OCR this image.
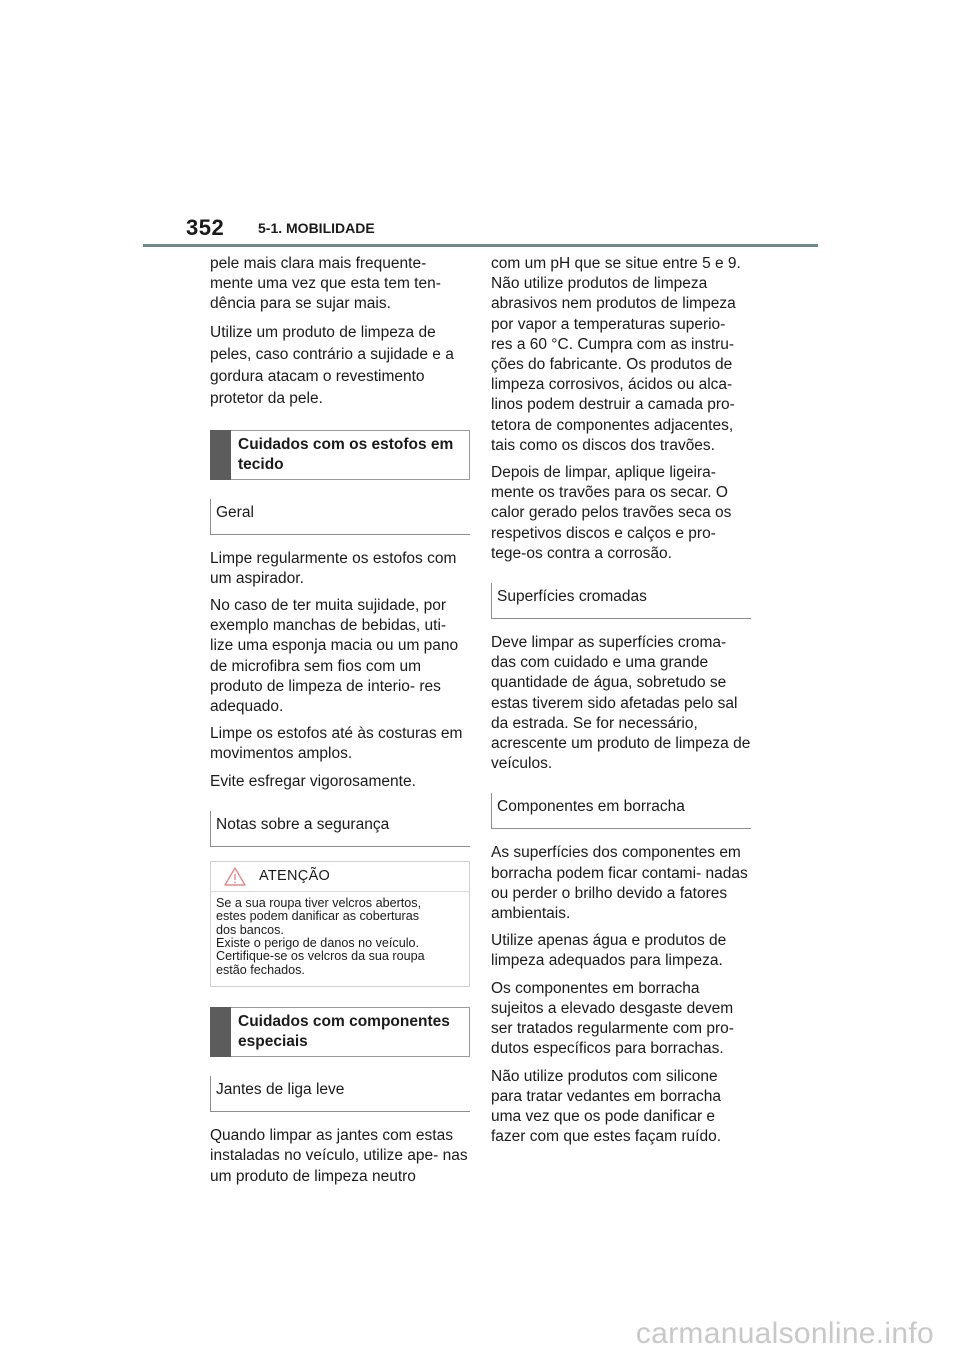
352 5-1. MOBILIDADE

pele mais clara mais frequente- mente uma vez que esta tem ten- dência para se sujar mais.

Utilize um produto de limpeza de peles, caso contrário a sujidade e a gordura atacam o revestimento protetor da pele.

Cuidados com os estofos em tecido
Geral

Limpe regularmente os estofos com um aspirador.

No caso de ter muita sujidade, por exemplo manchas de bebidas, uti- lize uma esponja macia ou um pano de microfibra sem fios com um produto de limpeza de interio- res adequado.

Limpe os estofos até às costuras em movimentos amplos.

Evite esfregar vigorosamente.

Notas sobre a segurança
ATENÇÃO
Se a sua roupa tiver velcros abertos,
estes podem danificar as coberturas
dos bancos.
Existe o perigo de danos no veículo.
Certifique-se os velcros da sua roupa
estão fechados.
Cuidados com componentes especiais
Jantes de liga leve

Quando limpar as jantes com estas instaladas no veículo, utilize ape- nas um produto de limpeza neutro

com um pH que se situe entre 5 e 9. Não utilize produtos de limpeza abrasivos nem produtos de limpeza por vapor a temperaturas superio- res a 60 °C. Cumpra com as instru- ções do fabricante. Os produtos de limpeza corrosivos, ácidos ou alca- linos podem destruir a camada pro- tetora de componentes adjacentes, tais como os discos dos travões.

Depois de limpar, aplique ligeira- mente os travões para os secar. O calor gerado pelos travões seca os respetivos discos e calços e pro- tege-os contra a corrosão.

Superfícies cromadas

Deve limpar as superfícies croma- das com cuidado e uma grande quantidade de água, sobretudo se estas tiverem sido afetadas pelo sal da estrada. Se for necessário, acrescente um produto de limpeza de veículos.

Componentes em borracha

As superfícies dos componentes em borracha podem ficar contami- nadas ou perder o brilho devido a fatores ambientais.

Utilize apenas água e produtos de limpeza adequados para limpeza.

Os componentes em borracha sujeitos a elevado desgaste devem ser tratados regularmente com pro- dutos específicos para borrachas.

Não utilize produtos com silicone para tratar vedantes em borracha uma vez que os pode danificar e fazer com que estes façam ruído.

carmanualsonline.info
